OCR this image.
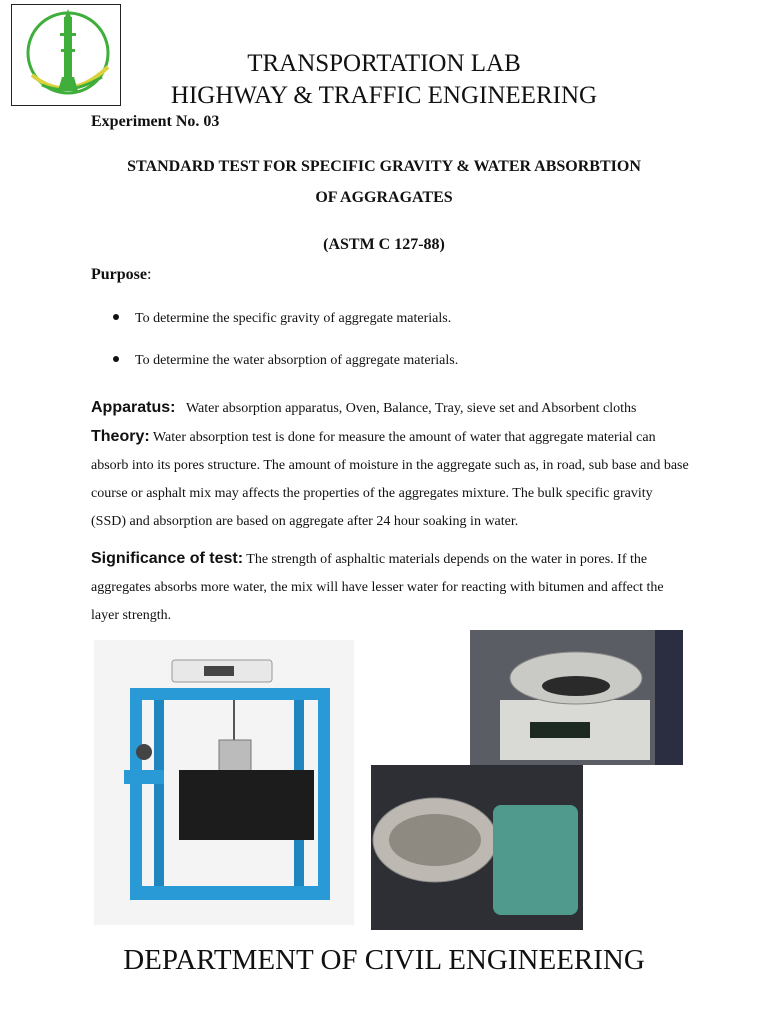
TRANSPORTATION LAB
HIGHWAY & TRAFFIC ENGINEERING
Experiment No. 03
STANDARD TEST FOR SPECIFIC GRAVITY & WATER ABSORBTION
OF AGGRAGATES
(ASTM C 127-88)
Purpose:
To determine the specific gravity of aggregate materials.
To determine the water absorption of aggregate materials.
Apparatus: Water absorption apparatus, Oven, Balance, Tray, sieve set and Absorbent cloths
Theory: Water absorption test is done for measure the amount of water that aggregate material can absorb into its pores structure. The amount of moisture in the aggregate such as, in road, sub base and base course or asphalt mix may affects the properties of the aggregates mixture. The bulk specific gravity (SSD) and absorption are based on aggregate after 24 hour soaking in water.
Significance of test: The strength of asphaltic materials depends on the water in pores. If the aggregates absorbs more water, the mix will have lesser water for reacting with bitumen and affect the layer strength.
DEPARTMENT OF CIVIL ENGINEERING
